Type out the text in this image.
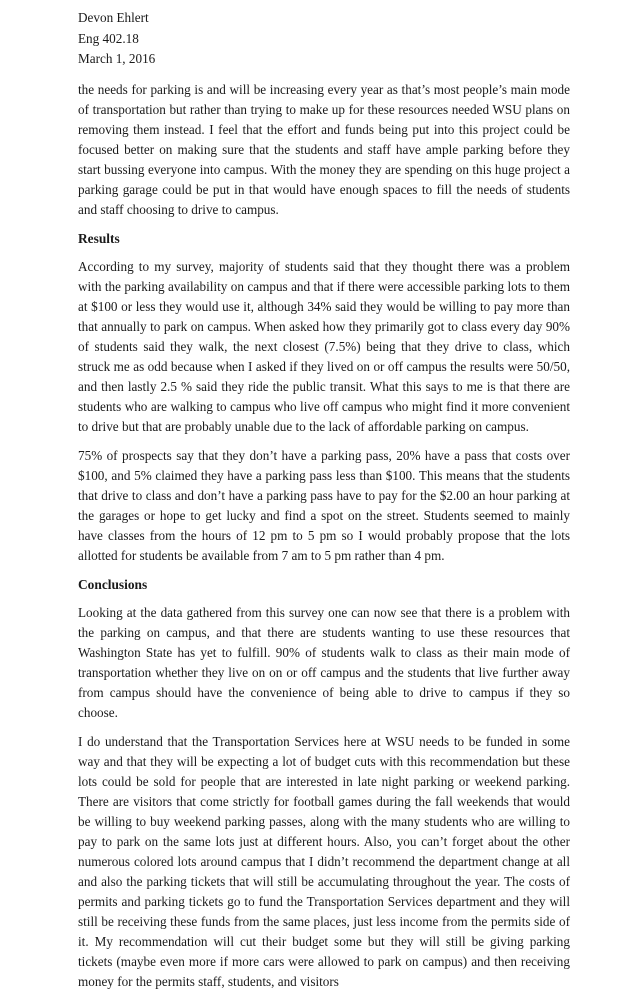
Devon Ehlert
Eng 402.18
March 1, 2016

the needs for parking is and will be increasing every year as that’s most people’s main mode of transportation but rather than trying to make up for these resources needed WSU plans on removing them instead. I feel that the effort and funds being put into this project could be focused better on making sure that the students and staff have ample parking before they start bussing everyone into campus. With the money they are spending on this huge project a parking garage could be put in that would have enough spaces to fill the needs of students and staff choosing to drive to campus.

Results

According to my survey, majority of students said that they thought there was a problem with the parking availability on campus and that if there were accessible parking lots to them at $100 or less they would use it, although 34% said they would be willing to pay more than that annually to park on campus. When asked how they primarily got to class every day 90% of students said they walk, the next closest (7.5%) being that they drive to class, which struck me as odd because when I asked if they lived on or off campus the results were 50/50, and then lastly 2.5 % said they ride the public transit. What this says to me is that there are students who are walking to campus who live off campus who might find it more convenient to drive but that are probably unable due to the lack of affordable parking on campus.

75% of prospects say that they don’t have a parking pass, 20% have a pass that costs over $100, and 5% claimed they have a parking pass less than $100. This means that the students that drive to class and don’t have a parking pass have to pay for the $2.00 an hour parking at the garages or hope to get lucky and find a spot on the street. Students seemed to mainly have classes from the hours of 12 pm to 5 pm so I would probably propose that the lots allotted for students be available from 7 am to 5 pm rather than 4 pm.

Conclusions

Looking at the data gathered from this survey one can now see that there is a problem with the parking on campus, and that there are students wanting to use these resources that Washington State has yet to fulfill. 90% of students walk to class as their main mode of transportation whether they live on on or off campus and the students that live further away from campus should have the convenience of being able to drive to campus if they so choose.

I do understand that the Transportation Services here at WSU needs to be funded in some way and that they will be expecting a lot of budget cuts with this recommendation but these lots could be sold for people that are interested in late night parking or weekend parking. There are visitors that come strictly for football games during the fall weekends that would be willing to buy weekend parking passes, along with the many students who are willing to pay to park on the same lots just at different hours. Also, you can’t forget about the other numerous colored lots around campus that I didn’t recommend the department change at all and also the parking tickets that will still be accumulating throughout the year. The costs of permits and parking tickets go to fund the Transportation Services department and they will still be receiving these funds from the same places, just less income from the permits side of it. My recommendation will cut their budget some but they will still be giving parking tickets (maybe even more if more cars were allowed to park on campus) and then receiving money for the permits staff, students, and visitors
